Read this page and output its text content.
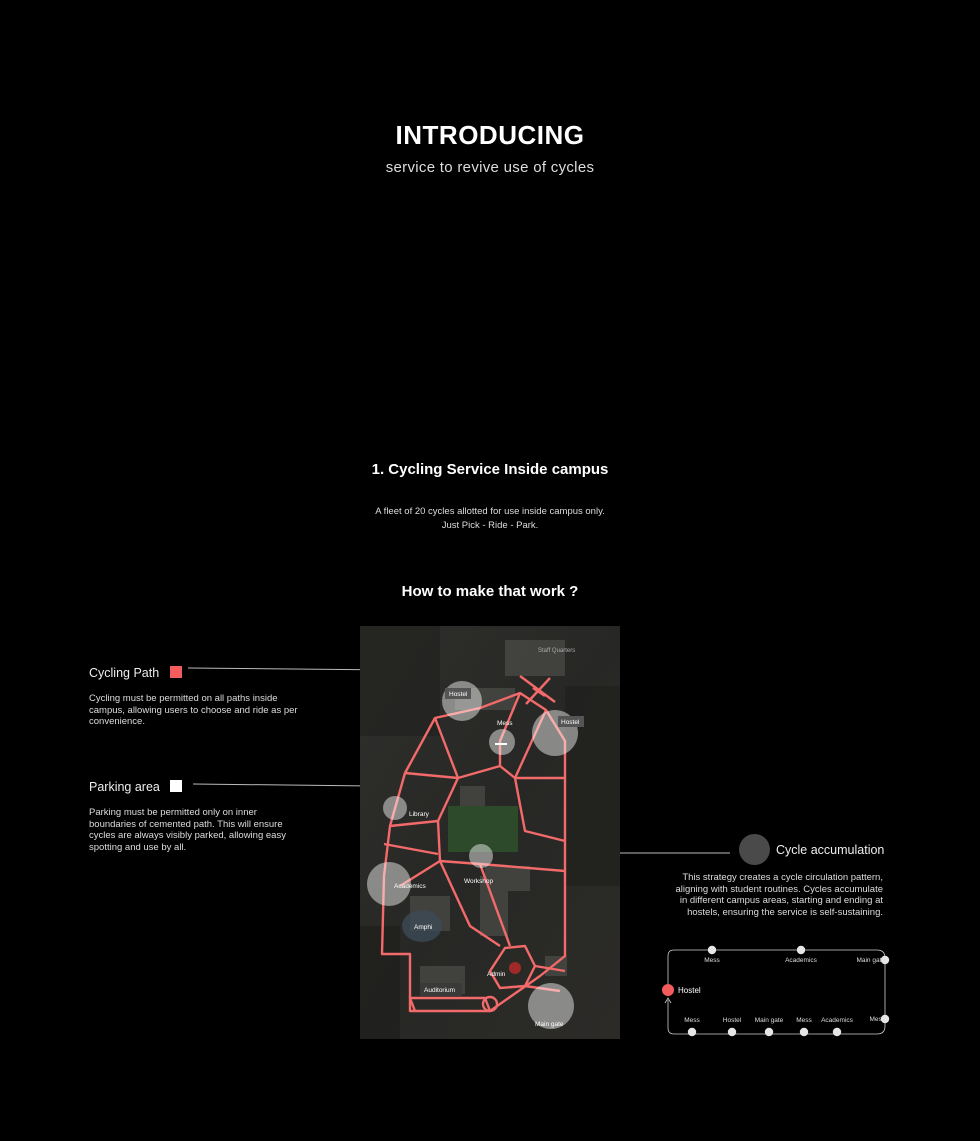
INTRODUCING
service to revive use of cycles
1. Cycling Service Inside campus
A fleet of 20 cycles allotted for use inside campus only.
Just Pick - Ride - Park.
How to make that work ?
Cycling Path
Cycling must be permitted on all paths inside
campus, allowing users to choose and ride as per
convenience.
Parking area
Parking must be permitted only on inner
boundaries of cemented path. This will ensure
cycles are always visibly parked, allowing easy
spotting and use by all.	Cycle accumulation
This strategy creates a cycle circulation pattern,
aligning with student routines. Cycles accumulate
in different campus areas, starting and ending at
hostels, ensuring the service is self-sustaining.
Staff Quarters
Hostel
Hostel
Mess
Library
Academics
Workshop
Amphi
Admin
Auditorium
Main gate
Hostel
Mess	Academics	Main gate
Mess	Hostel Main gate Mess Academics	Mess
